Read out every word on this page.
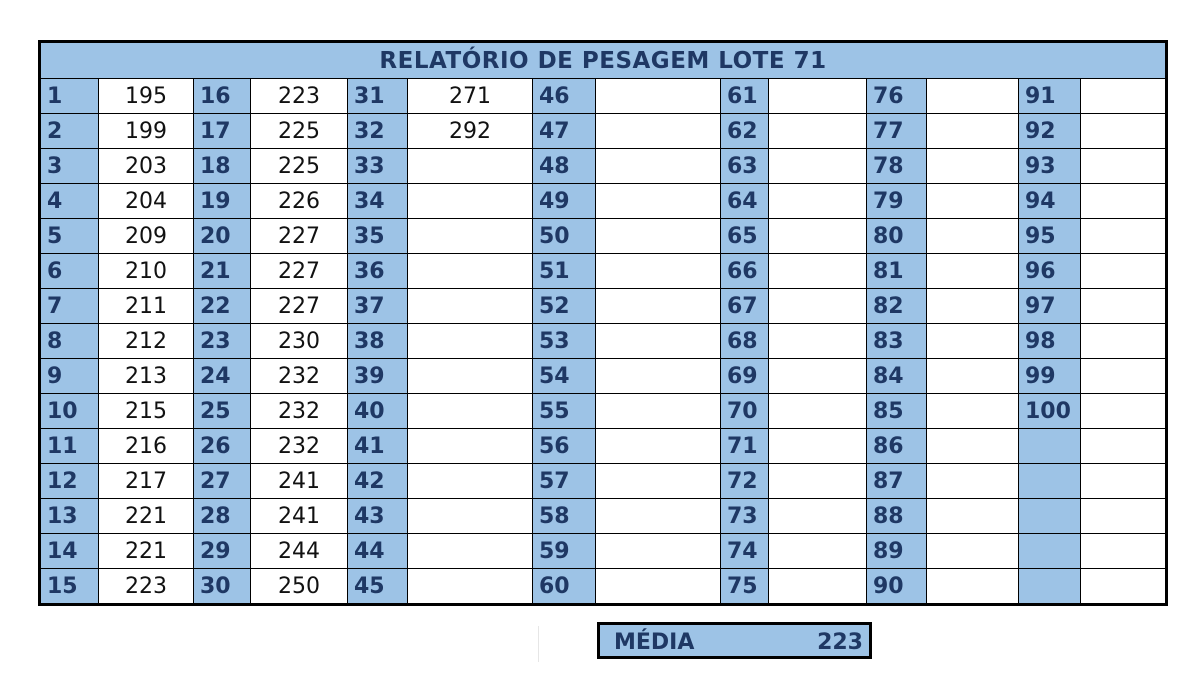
RELATÓRIO DE PESAGEM LOTE 71													
1	195	16	223	31	271	46		61		76		91	
2	199	17	225	32	292	47		62		77		92	
3	203	18	225	33		48		63		78		93	
4	204	19	226	34		49		64		79		94	
5	209	20	227	35		50		65		80		95	
6	210	21	227	36		51		66		81		96	
7	211	22	227	37		52		67		82		97	
8	212	23	230	38		53		68		83		98	
9	213	24	232	39		54		69		84		99	
10	215	25	232	40		55		70		85		100	
11	216	26	232	41		56		71		86			
12	217	27	241	42		57		72		87			
13	221	28	241	43		58		73		88			
14	221	29	244	44		59		74		89			
15	223	30	250	45		60		75		90			
MÉDIA	223
